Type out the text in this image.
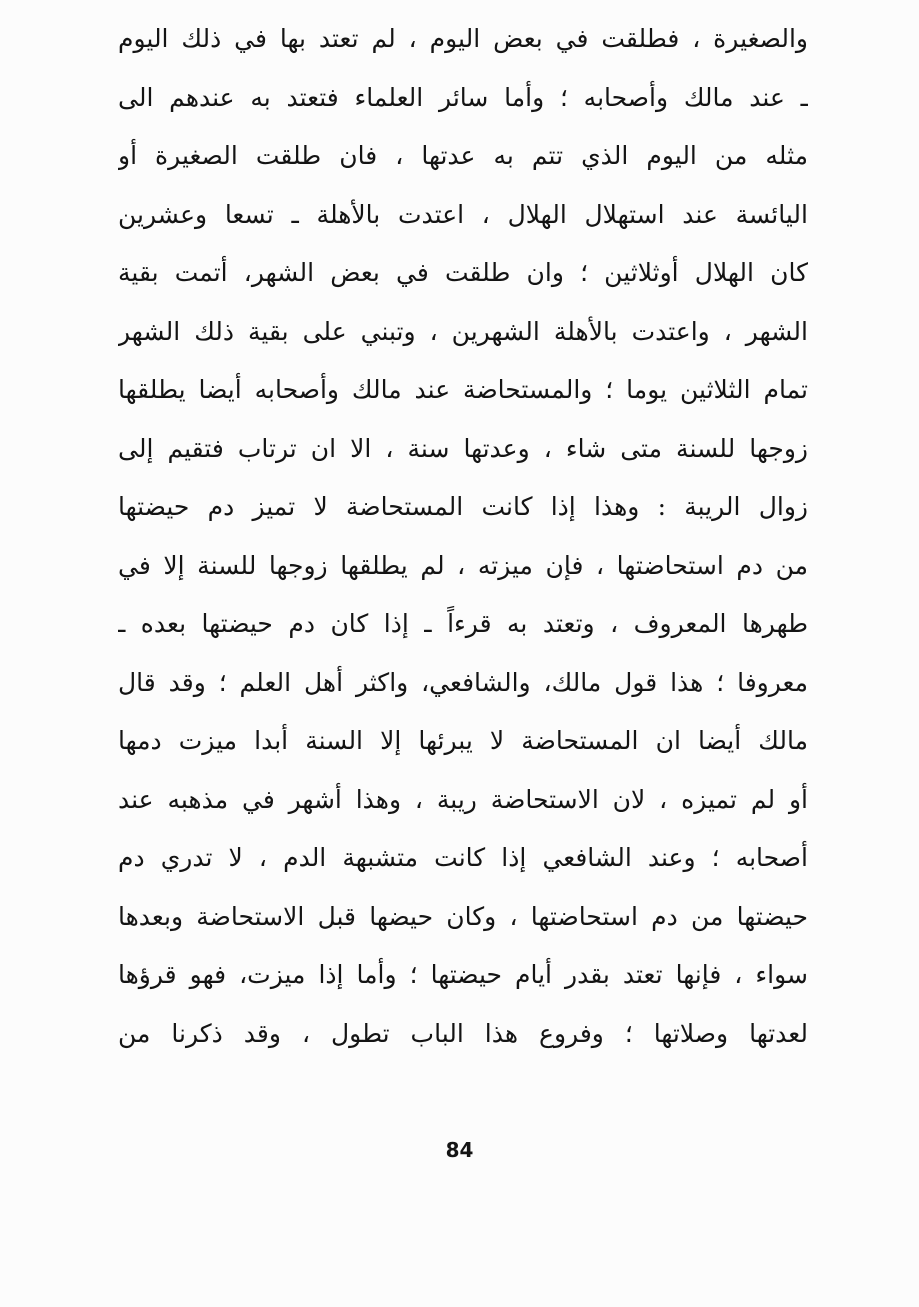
والصغيرة ، فطلقت في بعض اليوم ، لم تعتد بها في ذلك اليوم
ـ عند مالك وأصحابه ؛ وأما سائر العلماء فتعتد به عندهم الى
مثله من اليوم الذي تتم به عدتها ، فان طلقت الصغيرة أو
اليائسة عند استهلال الهلال ، اعتدت بالأهلة ـ تسعا وعشرين
كان الهلال أوثلاثين ؛ وان طلقت في بعض الشهر، أتمت بقية
الشهر ، واعتدت بالأهلة الشهرين ، وتبني على بقية ذلك الشهر
تمام الثلاثين يوما ؛ والمستحاضة عند مالك وأصحابه أيضا يطلقها
زوجها للسنة متى شاء ، وعدتها سنة ، الا ان ترتاب فتقيم إلى
زوال الريبة : وهذا إذا كانت المستحاضة لا تميز دم حيضتها
من دم استحاضتها ، فإن ميزته ، لم يطلقها زوجها للسنة إلا في
طهرها المعروف ، وتعتد به قرءاً ـ إذا كان دم حيضتها بعده ـ
معروفا ؛ هذا قول مالك، والشافعي، واكثر أهل العلم ؛ وقد قال
مالك أيضا ان المستحاضة لا يبرئها إلا السنة أبدا ميزت دمها
أو لم تميزه ، لان الاستحاضة ريبة ، وهذا أشهر في مذهبه عند
أصحابه ؛ وعند الشافعي إذا كانت متشبهة الدم ، لا تدري دم
حيضتها من دم استحاضتها ، وكان حيضها قبل الاستحاضة وبعدها
سواء ، فإنها تعتد بقدر أيام حيضتها ؛ وأما إذا ميزت، فهو قرؤها
لعدتها وصلاتها ؛ وفروع هذا الباب تطول ، وقد ذكرنا من
84
